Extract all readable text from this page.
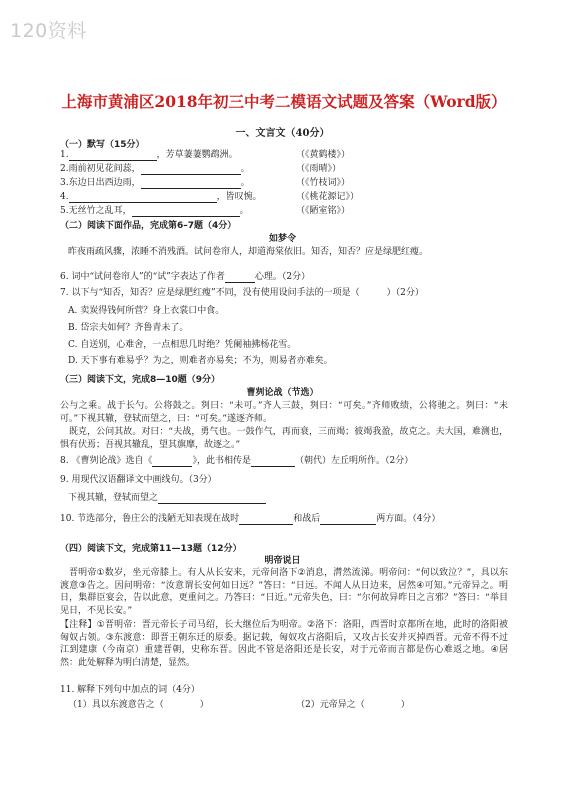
120资料
上海市黄浦区2018年初三中考二模语文试题及答案（Word版）
一、文言文（40分）
（一）默写（15分）
1.	，芳草萋萋鹦鹉洲。	（《黄鹤楼》）
2.雨前初见花间蕊，	。	（《雨晴》）
3.东边日出西边雨，	。	（《竹枝词》）
4.	，皆叹惋。	（《桃花源记》）
5.无丝竹之乱耳，	。	（《陋室铭》）
（二）阅读下面作品，完成第6–7题（4分）
如梦令
昨夜雨疏风骤，浓睡不消残酒。试问卷帘人，却道海棠依旧。知否，知否？应是绿肥红瘦。
6. 词中“试问卷帘人”的“试”字表达了作者	心理。（2分）
7. 以下与“知否，知否？应是绿肥红瘦”不同，没有使用设问手法的一项是（　　　）（2分）
A. 卖炭得钱何所营？身上衣裳口中食。
B. 岱宗夫如何？齐鲁青未了。
C. 自送别，心难舍，一点相思几时绝？凭阑袖拂杨花雪。
D. 天下事有难易乎？为之，则难者亦易矣；不为，则易者亦难矣。
（三）阅读下文，完成8—10题（9分）
曹刿论战（节选）
公与之乘。战于长勺。公将鼓之。刿曰：“未可。”齐人三鼓，刿曰：“可矣。”齐师败绩，公将驰之。刿曰：“未可。”下视其辙，登轼而望之，曰：“可矣。”遂逐齐师。
既克，公问其故。对曰：“夫战，勇气也。一鼓作气，再而衰，三而竭；彼竭我盈，故克之。夫大国，难测也，惧有伏焉；吾视其辙乱，望其旗靡，故逐之。”
8. 《曹刿论战》选自《	》，此书相传是	（朝代）左丘明所作。（2分）
9. 用现代汉语翻译文中画线句。（3分）
下视其辙，登轼而望之
10. 节选部分，鲁庄公的浅陋无知表现在战时	和战后	两方面。（4分）
（四）阅读下文，完成第11—13题（12分）
明帝说日
晋明帝①数岁，坐元帝膝上。有人从长安来，元帝问洛下②消息，潸然流涕。明帝问：“何以致泣？”，具以东渡意③告之。因问明帝：“汝意谓长安何如日远？”答曰：“日远。不闻人从日边来，居然④可知。”元帝异之。明日，集群臣宴会，告以此意，更重问之。乃答曰：“日近。”元帝失色，曰：“尔何故异昨日之言邪？”答曰：“举目见日，不见长安。”
【注释】①晋明帝：晋元帝长子司马绍，长大继位后为明帝。②洛下：洛阳，西晋时京都所在地，此时的洛阳被匈奴占领。③东渡意：即晋王朝东迁的原委。据记载，匈奴攻占洛阳后，又攻占长安并灭掉西晋。元帝不得不过江到建康（今南京）重建晋朝，史称东晋。因此不管是洛阳还是长安，对于元帝而言都是伤心难返之地。④居然：此处解释为明白清楚，显然。
11. 解释下列句中加点的词（4分）
（1）具以东渡意告之（　　　　）	（2）元帝异之（　　　　）
